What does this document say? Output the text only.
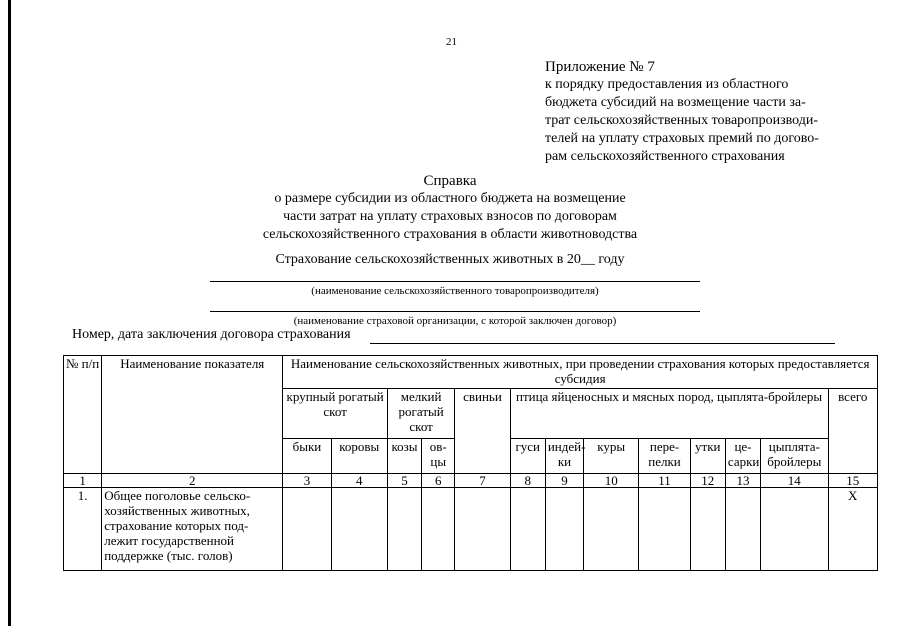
21
Приложение № 7
к порядку предоставления из областного
бюджета субсидий на возмещение части за-
трат сельскохозяйственных товаропроизводи-
телей на уплату страховых премий по догово-
рам сельскохозяйственного страхования
Справка
о размере субсидии из областного бюджета на возмещение
части затрат на уплату страховых взносов по договорам
сельскохозяйственного страхования в области животноводства
Страхование сельскохозяйственных животных в 20__ году
(наименование сельскохозяйственного товаропроизводителя)
(наименование страховой организации, с которой заключен договор)
Номер, дата заключения договора страхования
№ п/п	Наименование показателя	Наименование сельскохозяйственных животных, при проведении страхования которых предоставляется субсидия												
		крупный рогатый скот		мелкий рогатый скот		свиньи	птица яйценосных и мясных пород, цыплята-бройлеры							всего
		быки	коровы	козы	ов-цы		гуси	индей-ки	куры	пере-пелки	утки	це-сарки	цыплята-бройлеры	
1	2	3	4	5	6	7	8	9	10	11	12	13	14	15
1.	Общее поголовье сельско-хозяйственных животных, страхование которых под-лежит государственной поддержке (тыс. голов)													Х
